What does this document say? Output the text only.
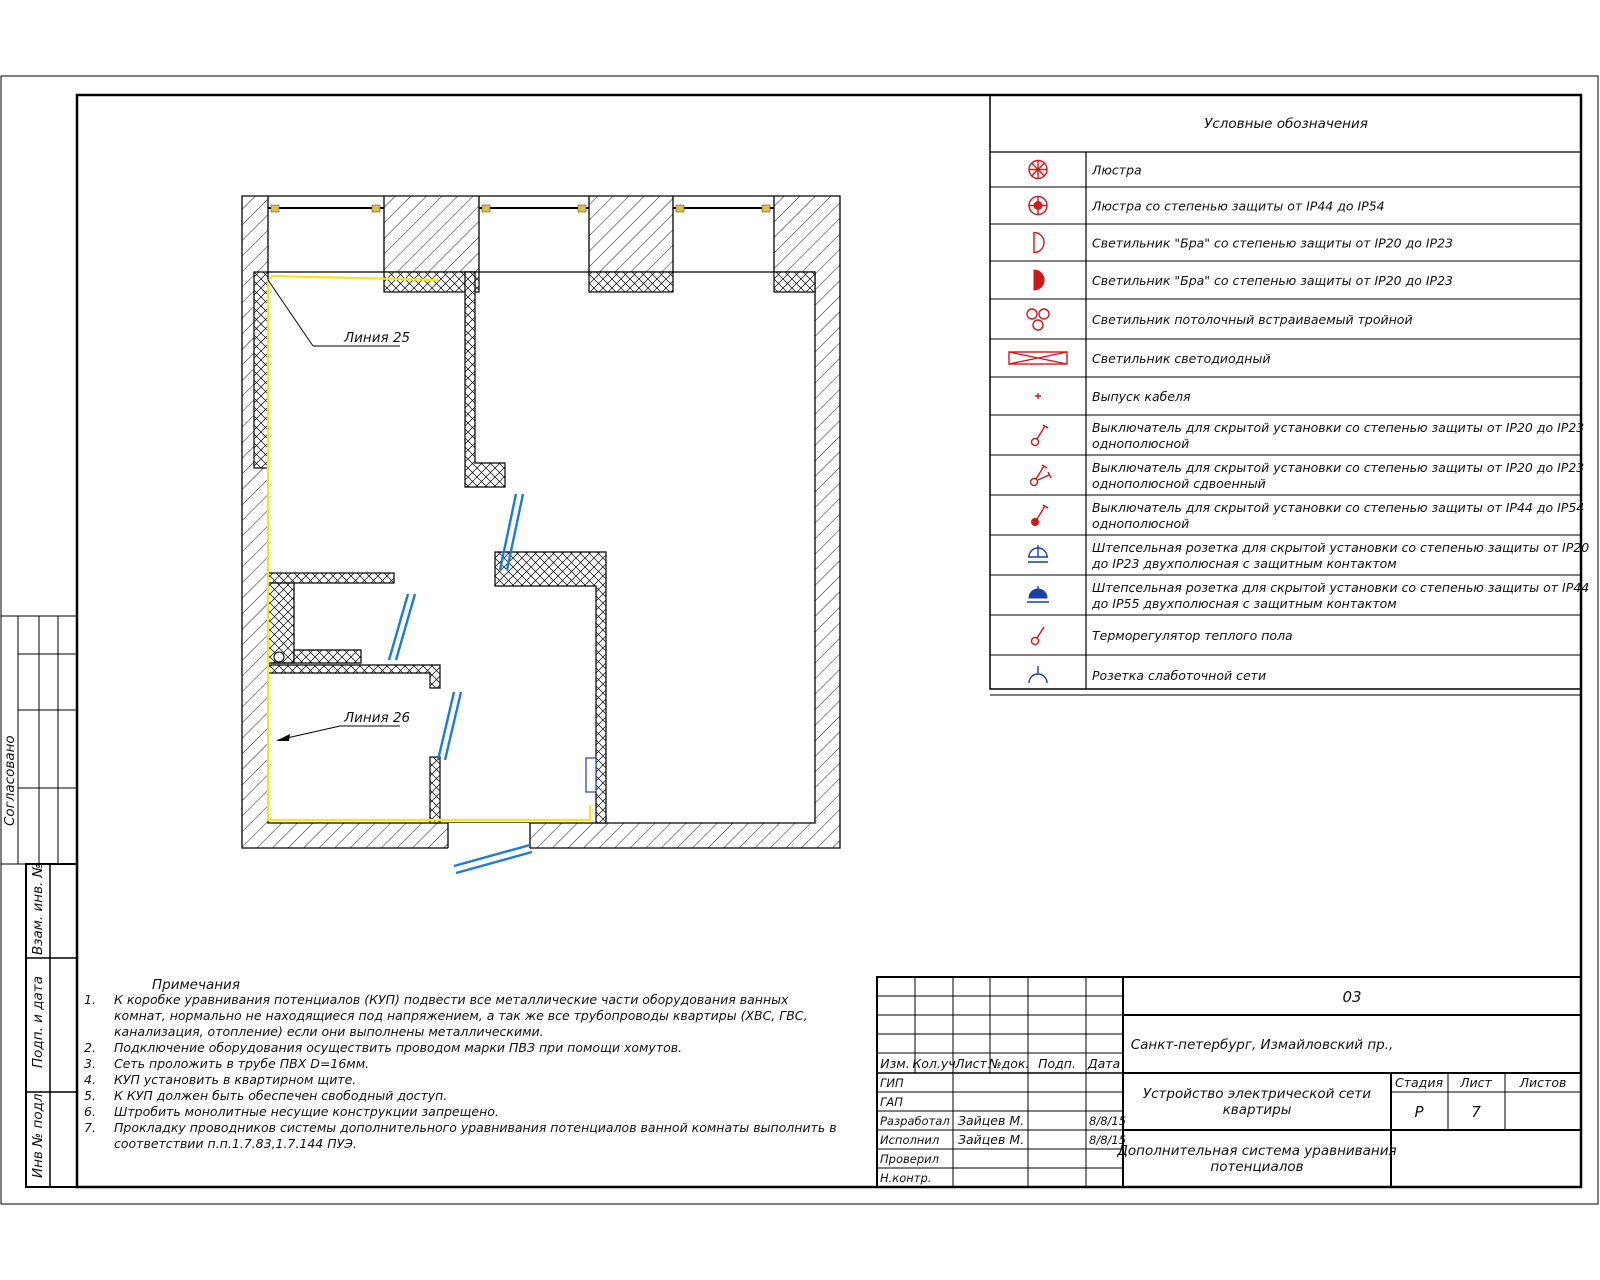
Согласовано
Взам. инв. №
Подп. и дата
Инв № подл.
Линия 25
Линия 26
Условные обозначения
Люстра
Люстра со степенью защиты от IP44 до IP54
Светильник "Бра" со степенью защиты от IP20 до IP23
Светильник "Бра" со степенью защиты от IP20 до IP23
Светильник потолочный встраиваемый тройной
Светильник светодиодный
Выпуск кабеля
Выключатель для скрытой установки со степенью защиты от IP20 до IP23
однополюсной
Выключатель для скрытой установки со степенью защиты от IP20 до IP23
однополюсной сдвоенный
Выключатель для скрытой установки со степенью защиты от IP44 до IP54
однополюсной
Штепсельная розетка для скрытой установки со степенью защиты от IP20
до IP23 двухполюсная с защитным контактом
Штепсельная розетка для скрытой установки со степенью защиты от IP44
до IP55 двухполюсная с защитным контактом
Терморегулятор теплого пола
Розетка слаботочной сети
Примечания
1. К коробке уравнивания потенциалов (КУП) подвести все металлические части оборудования ванных
комнат, нормально не находящиеся под напряжением, а так же все трубопроводы квартиры (ХВС, ГВС,
канализация, отопление) если они выполнены металлическими.
2. Подключение оборудования осуществить проводом марки ПВЗ при помощи хомутов.
3. Сеть проложить в трубе ПВХ D=16мм.
4. КУП установить в квартирном щите.
5. К КУП должен быть обеспечен свободный доступ.
6. Штробить монолитные несущие конструкции запрещено.
7. Прокладку проводников системы дополнительного уравнивания потенциалов ванной комнаты выполнить в
соответствии п.п.1.7.83,1.7.144 ПУЭ.
Изм. Кол.уч Лист №док. Подп. Дата
ГИП
ГАП
Разработал Зайцев М.	8/8/15
Исполнил Зайцев М.	8/8/15
Проверил
Н.контр.
03
Санкт-петербург, Измайловский пр.,
Устройство электрической сети
квартиры
Дополнительная система уравнивания
потенциалов
Стадия Лист Листов
Р	7
